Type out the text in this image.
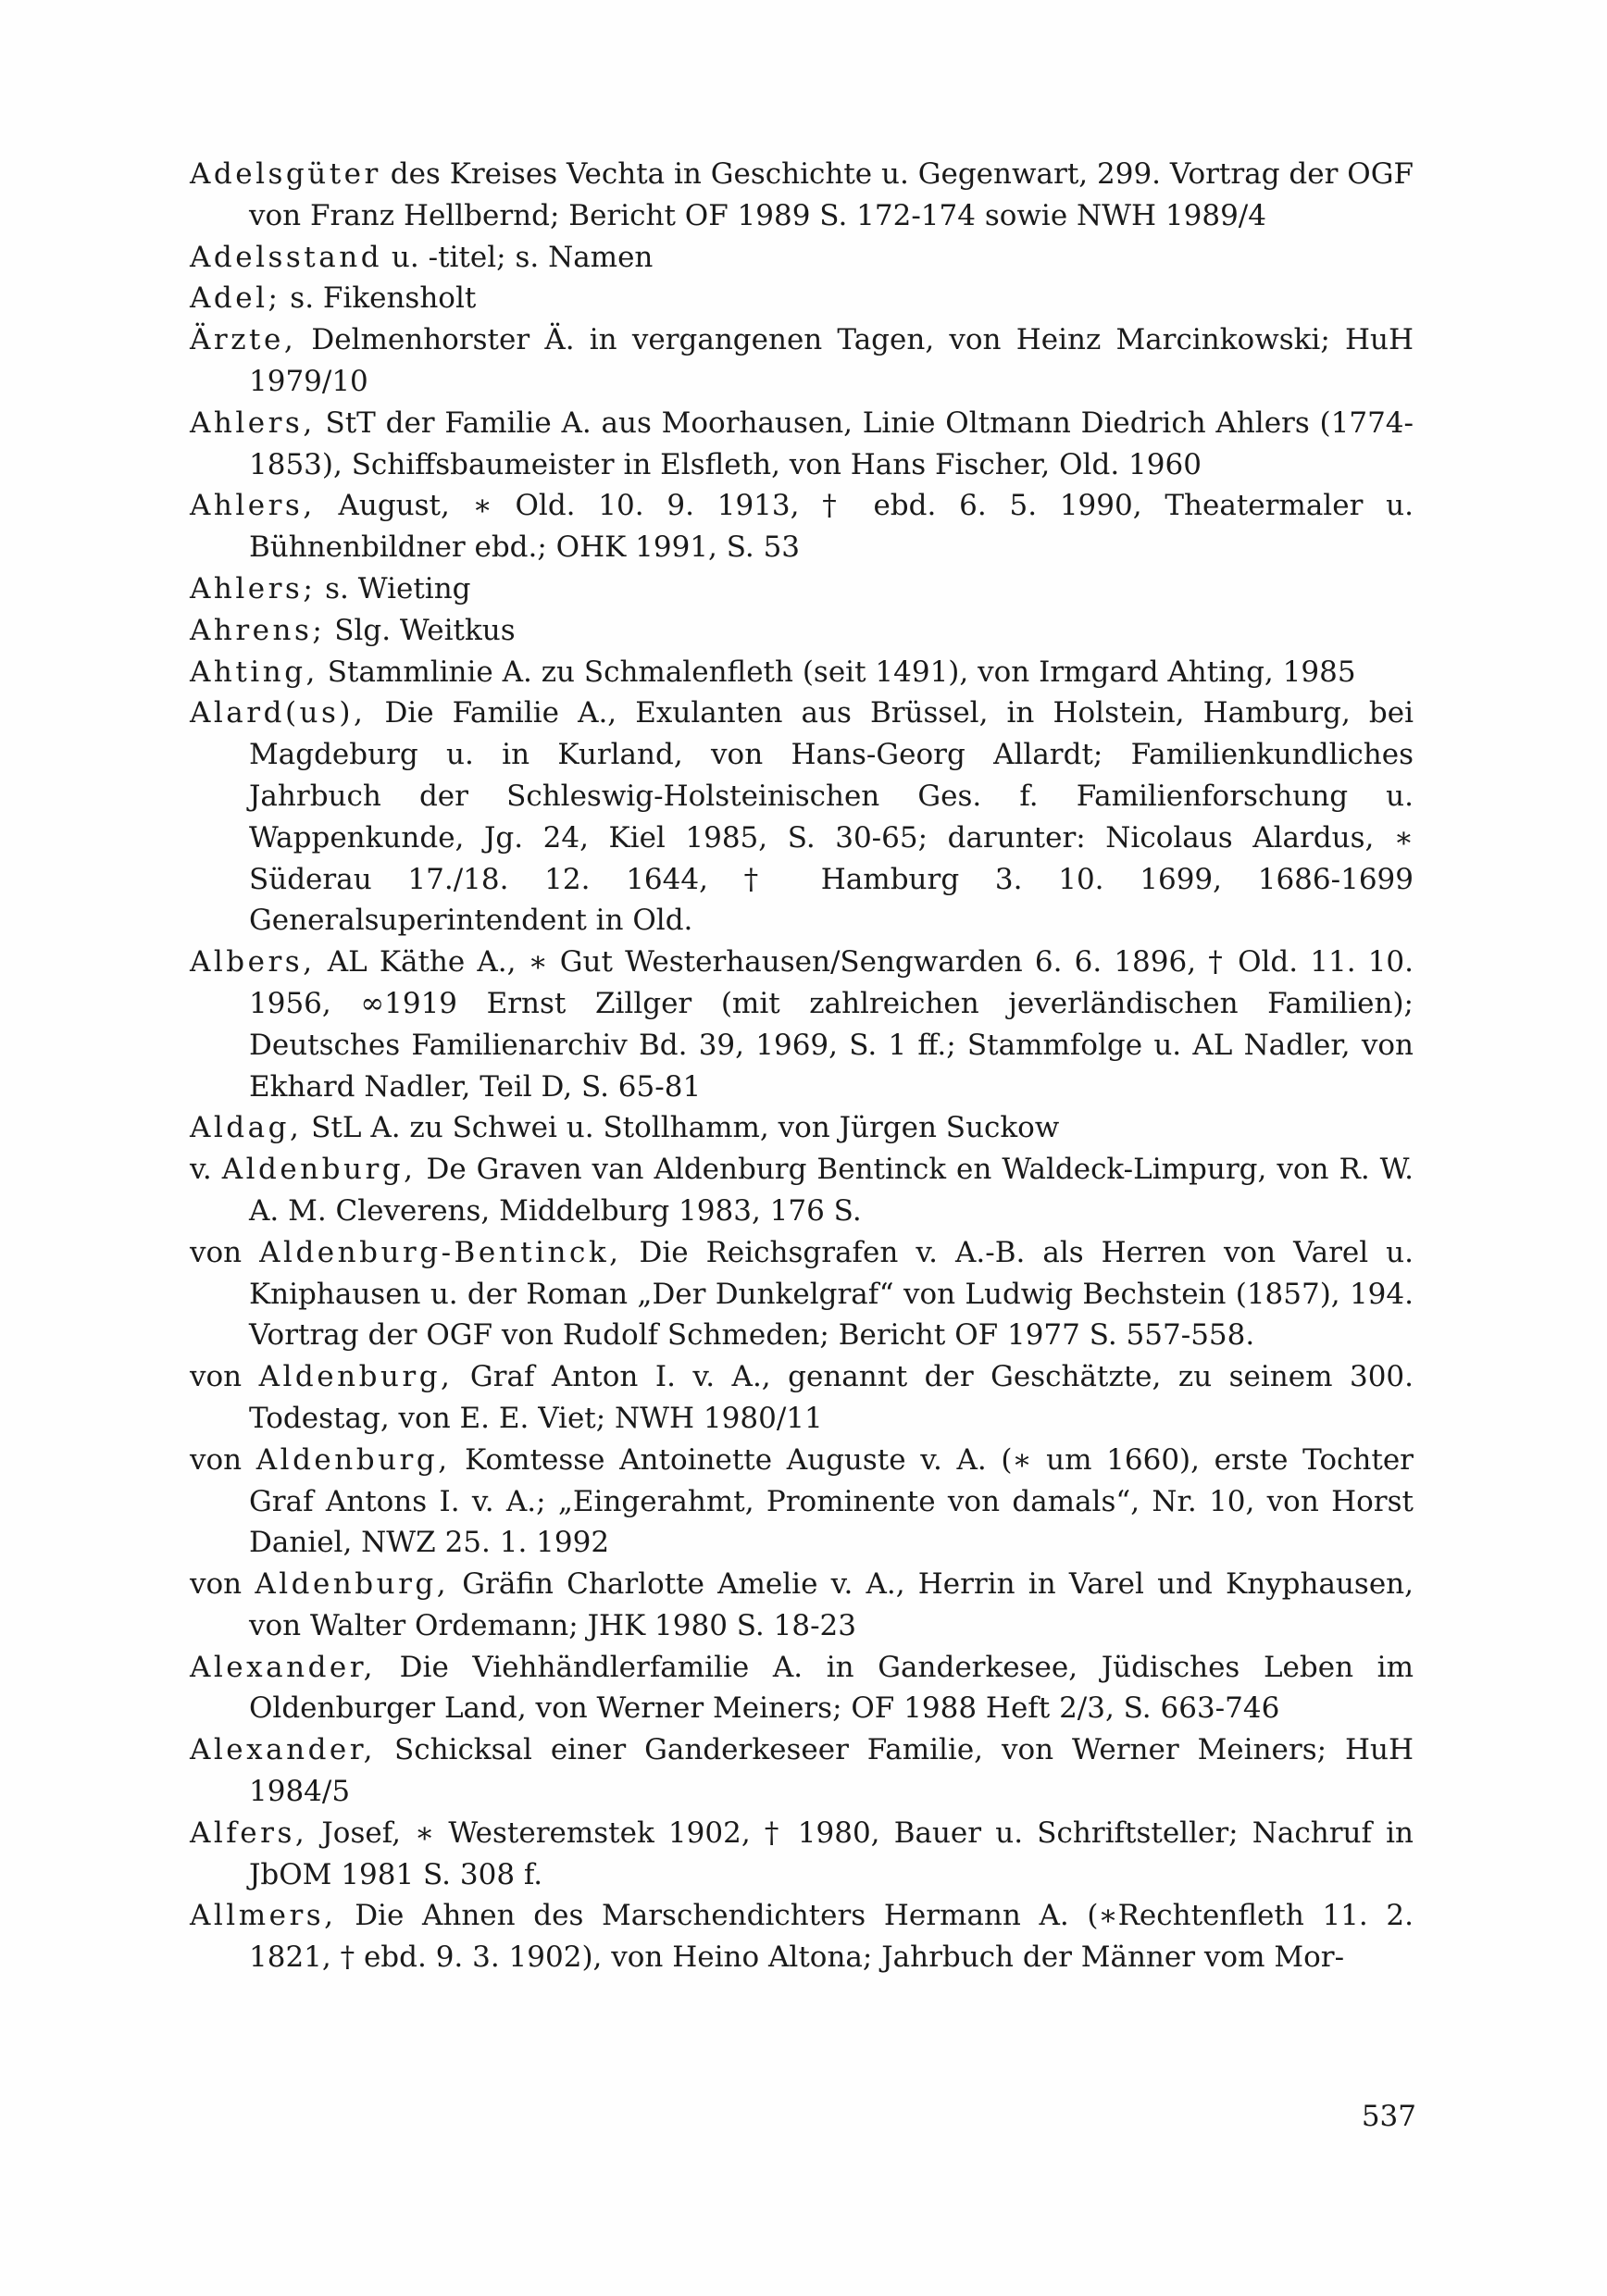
Adelsgüter des Kreises Vechta in Geschichte u. Gegenwart, 299. Vortrag der OGF von Franz Hellbernd; Bericht OF 1989 S. 172-174 sowie NWH 1989/4
Adelsstand u. -titel; s. Namen
Adel; s. Fikensholt
Ärzte, Delmenhorster Ä. in vergangenen Tagen, von Heinz Marcinkowski; HuH 1979/10
Ahlers, StT der Familie A. aus Moorhausen, Linie Oltmann Diedrich Ahlers (1774-1853), Schiffsbaumeister in Elsfleth, von Hans Fischer, Old. 1960
Ahlers, August, ∗ Old. 10. 9. 1913, † ebd. 6. 5. 1990, Theatermaler u. Bühnenbildner ebd.; OHK 1991, S. 53
Ahlers; s. Wieting
Ahrens; Slg. Weitkus
Ahting, Stammlinie A. zu Schmalenfleth (seit 1491), von Irmgard Ahting, 1985
Alard(us), Die Familie A., Exulanten aus Brüssel, in Holstein, Hamburg, bei Magdeburg u. in Kurland, von Hans-Georg Allardt; Familienkundliches Jahrbuch der Schleswig-Holsteinischen Ges. f. Familienforschung u. Wappenkunde, Jg. 24, Kiel 1985, S. 30-65; darunter: Nicolaus Alardus, ∗ Süderau 17./18. 12. 1644, † Hamburg 3. 10. 1699, 1686-1699 Generalsuperintendent in Old.
Albers, AL Käthe A., ∗ Gut Westerhausen/Sengwarden 6. 6. 1896, † Old. 11. 10. 1956, ∞1919 Ernst Zillger (mit zahlreichen jeverländischen Familien); Deutsches Familienarchiv Bd. 39, 1969, S. 1 ff.; Stammfolge u. AL Nadler, von Ekhard Nadler, Teil D, S. 65-81
Aldag, StL A. zu Schwei u. Stollhamm, von Jürgen Suckow
v. Aldenburg, De Graven van Aldenburg Bentinck en Waldeck-Limpurg, von R. W. A. M. Cleverens, Middelburg 1983, 176 S.
von Aldenburg-Bentinck, Die Reichsgrafen v. A.-B. als Herren von Varel u. Kniphausen u. der Roman „Der Dunkelgraf“ von Ludwig Bechstein (1857), 194. Vortrag der OGF von Rudolf Schmeden; Bericht OF 1977 S. 557-558.
von Aldenburg, Graf Anton I. v. A., genannt der Geschätzte, zu seinem 300. Todestag, von E. E. Viet; NWH 1980/11
von Aldenburg, Komtesse Antoinette Auguste v. A. (∗ um 1660), erste Tochter Graf Antons I. v. A.; „Eingerahmt, Prominente von damals“, Nr. 10, von Horst Daniel, NWZ 25. 1. 1992
von Aldenburg, Gräfin Charlotte Amelie v. A., Herrin in Varel und Knyphausen, von Walter Ordemann; JHK 1980 S. 18-23
Alexander, Die Viehhändlerfamilie A. in Ganderkesee, Jüdisches Leben im Oldenburger Land, von Werner Meiners; OF 1988 Heft 2/3, S. 663-746
Alexander, Schicksal einer Ganderkeseer Familie, von Werner Meiners; HuH 1984/5
Alfers, Josef, ∗ Westeremstek 1902, † 1980, Bauer u. Schriftsteller; Nachruf in JbOM 1981 S. 308 f.
Allmers, Die Ahnen des Marschendichters Hermann A. (∗Rechtenfleth 11. 2. 1821, † ebd. 9. 3. 1902), von Heino Altona; Jahrbuch der Männer vom Mor-
537
